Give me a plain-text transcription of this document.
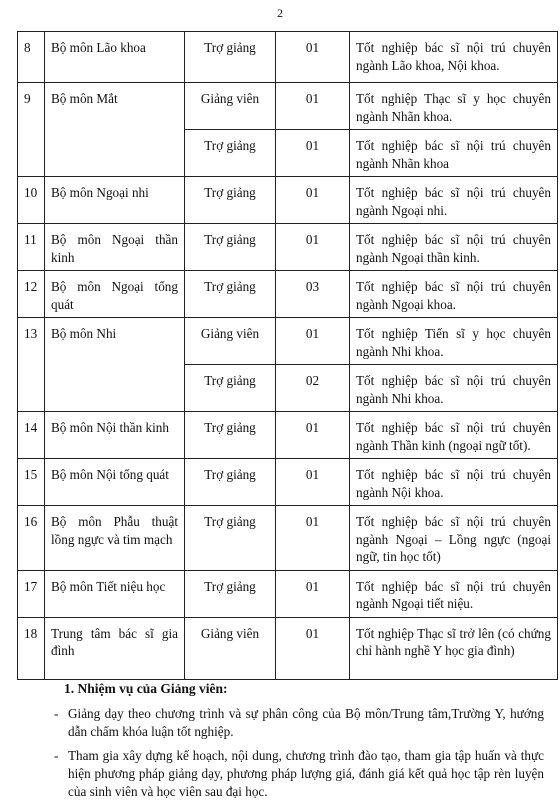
2
8	Bộ môn Lão khoa	Trợ giảng	01	Tốt nghiệp bác sĩ nội trú chuyên ngành Lão khoa, Nội khoa.
9	Bộ môn Mắt	Giảng viên	01	Tốt nghiệp Thạc sĩ y học chuyên ngành Nhãn khoa.
		Trợ giảng	01	Tốt nghiệp bác sĩ nội trú chuyên ngành Nhãn khoa
10	Bộ môn Ngoại nhi	Trợ giảng	01	Tốt nghiệp bác sĩ nội trú chuyên ngành Ngoại nhi.
11	Bộ môn Ngoại thần kinh	Trợ giảng	01	Tốt nghiệp bác sĩ nội trú chuyên ngành Ngoại thần kinh.
12	Bộ môn Ngoại tổng quát	Trợ giảng	03	Tốt nghiệp bác sĩ nội trú chuyên ngành Ngoại khoa.
13	Bộ môn Nhi	Giảng viên	01	Tốt nghiệp Tiến sĩ y học chuyên ngành Nhi khoa.
		Trợ giảng	02	Tốt nghiệp bác sĩ nội trú chuyên ngành Nhi khoa.
14	Bộ môn Nội thần kinh	Trợ giảng	01	Tốt nghiệp bác sĩ nội trú chuyên ngành Thần kinh (ngoại ngữ tốt).
15	Bộ môn Nội tổng quát	Trợ giảng	01	Tốt nghiệp bác sĩ nội trú chuyên ngành Nội khoa.
16	Bộ môn Phẫu thuật lồng ngực và tim mạch	Trợ giảng	01	Tốt nghiệp bác sĩ nội trú chuyên ngành Ngoại – Lồng ngực (ngoại ngữ, tin học tốt)
17	Bộ môn Tiết niệu học	Trợ giảng	01	Tốt nghiệp bác sĩ nội trú chuyên ngành Ngoại tiết niệu.
18	Trung tâm bác sĩ gia đình	Giảng viên	01	Tốt nghiệp Thạc sĩ trở lên (có chứng chỉ hành nghề Y học gia đình)
1. Nhiệm vụ của Giảng viên:
- Giảng dạy theo chương trình và sự phân công của Bộ môn/Trung tâm,Trường Y, hướng dẫn chấm khóa luận tốt nghiệp.
- Tham gia xây dựng kế hoạch, nội dung, chương trình đào tạo, tham gia tập huấn và thực hiện phương pháp giảng dạy, phương pháp lượng giá, đánh giá kết quả học tập rèn luyện của sinh viên và học viên sau đại học.
